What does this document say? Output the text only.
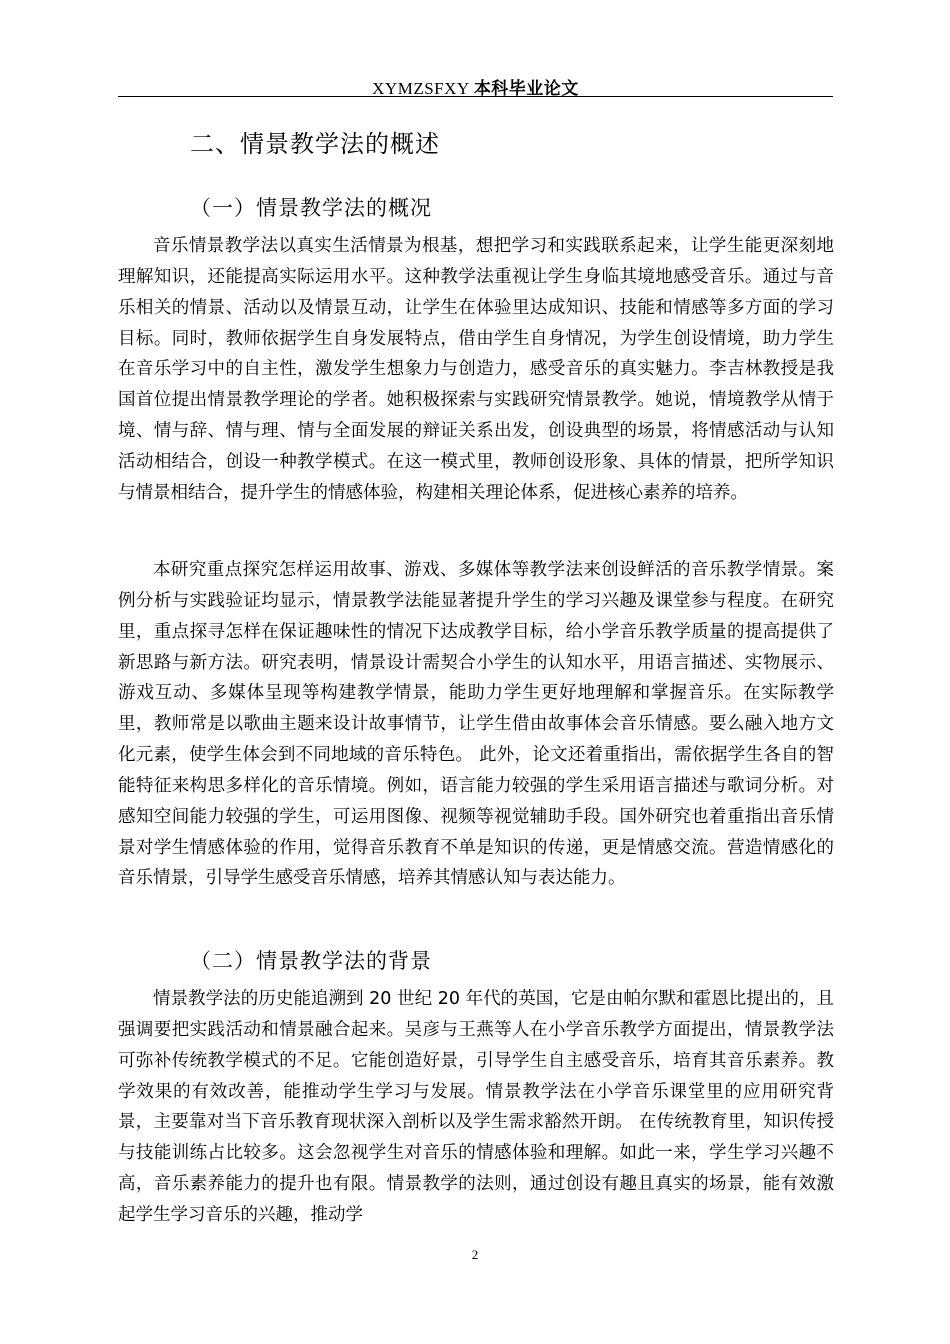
XYMZSFXY 本科毕业论文
二、情景教学法的概述
（一）情景教学法的概况

音乐情景教学法以真实生活情景为根基，想把学习和实践联系起来，让学生能更深刻地理解知识，还能提高实际运用水平。这种教学法重视让学生身临其境地感受音乐。通过与音乐相关的情景、活动以及情景互动，让学生在体验里达成知识、技能和情感等多方面的学习目标。同时，教师依据学生自身发展特点，借由学生自身情况，为学生创设情境，助力学生在音乐学习中的自主性，激发学生想象力与创造力，感受音乐的真实魅力。李吉林教授是我国首位提出情景教学理论的学者。她积极探索与实践研究情景教学。她说，情境教学从情于境、情与辞、情与理、情与全面发展的辩证关系出发，创设典型的场景，将情感活动与认知活动相结合，创设一种教学模式。在这一模式里，教师创设形象、具体的情景，把所学知识与情景相结合，提升学生的情感体验，构建相关理论体系，促进核心素养的培养。

本研究重点探究怎样运用故事、游戏、多媒体等教学法来创设鲜活的音乐教学情景。案例分析与实践验证均显示，情景教学法能显著提升学生的学习兴趣及课堂参与程度。在研究里，重点探寻怎样在保证趣味性的情况下达成教学目标，给小学音乐教学质量的提高提供了新思路与新方法。研究表明，情景设计需契合小学生的认知水平，用语言描述、实物展示、游戏互动、多媒体呈现等构建教学情景，能助力学生更好地理解和掌握音乐。在实际教学里，教师常是以歌曲主题来设计故事情节，让学生借由故事体会音乐情感。要么融入地方文化元素，使学生体会到不同地域的音乐特色。 此外，论文还着重指出，需依据学生各自的智能特征来构思多样化的音乐情境。例如，语言能力较强的学生采用语言描述与歌词分析。对感知空间能力较强的学生，可运用图像、视频等视觉辅助手段。国外研究也着重指出音乐情景对学生情感体验的作用，觉得音乐教育不单是知识的传递，更是情感交流。营造情感化的音乐情景，引导学生感受音乐情感，培养其情感认知与表达能力。

（二）情景教学法的背景

情景教学法的历史能追溯到 20 世纪 20 年代的英国，它是由帕尔默和霍恩比提出的，且强调要把实践活动和情景融合起来。吴彦与王燕等人在小学音乐教学方面提出，情景教学法可弥补传统教学模式的不足。它能创造好景，引导学生自主感受音乐，培育其音乐素养。教学效果的有效改善，能推动学生学习与发展。情景教学法在小学音乐课堂里的应用研究背景，主要靠对当下音乐教育现状深入剖析以及学生需求豁然开朗。 在传统教育里，知识传授与技能训练占比较多。这会忽视学生对音乐的情感体验和理解。如此一来，学生学习兴趣不高，音乐素养能力的提升也有限。情景教学的法则，通过创设有趣且真实的场景，能有效激起学生学习音乐的兴趣，推动学

2
